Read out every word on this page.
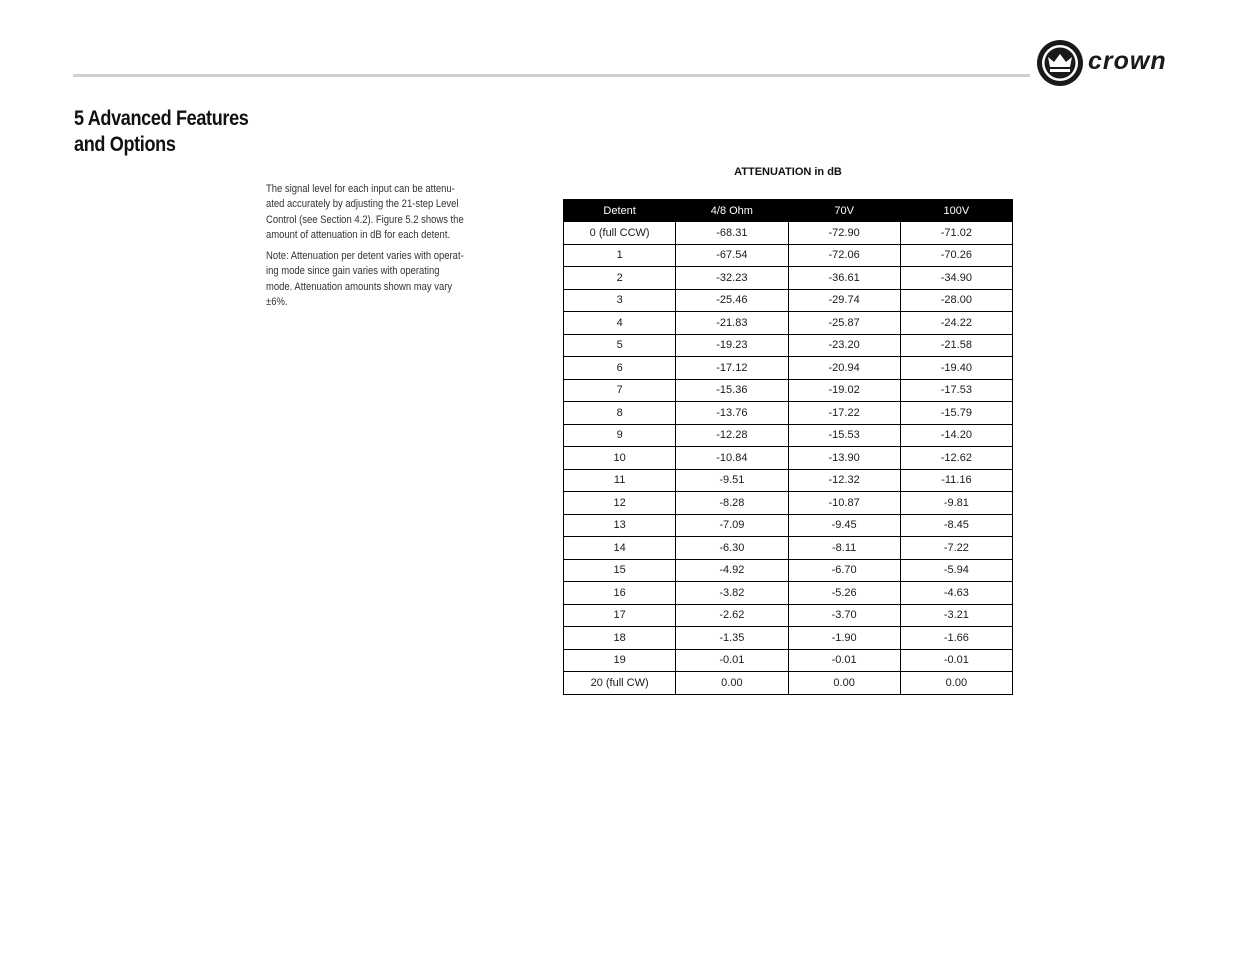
crown
5 Advanced Features
and Options

The signal level for each input can be attenu-
ated accurately by adjusting the 21-step Level
Control (see Section 4.2). Figure 5.2 shows the
amount of attenuation in dB for each detent.

Note: Attenuation per detent varies with operat-
ing mode since gain varies with operating
mode. Attenuation amounts shown may vary
±6%.

ATTENUATION in dB
Detent	4/8 Ohm	70V	100V
0 (full CCW)	-68.31	-72.90	-71.02
1	-67.54	-72.06	-70.26
2	-32.23	-36.61	-34.90
3	-25.46	-29.74	-28.00
4	-21.83	-25.87	-24.22
5	-19.23	-23.20	-21.58
6	-17.12	-20.94	-19.40
7	-15.36	-19.02	-17.53
8	-13.76	-17.22	-15.79
9	-12.28	-15.53	-14.20
10	-10.84	-13.90	-12.62
11	-9.51	-12.32	-11.16
12	-8.28	-10.87	-9.81
13	-7.09	-9.45	-8.45
14	-6.30	-8.11	-7.22
15	-4.92	-6.70	-5.94
16	-3.82	-5.26	-4.63
17	-2.62	-3.70	-3.21
18	-1.35	-1.90	-1.66
19	-0.01	-0.01	-0.01
20 (full CW)	0.00	0.00	0.00
